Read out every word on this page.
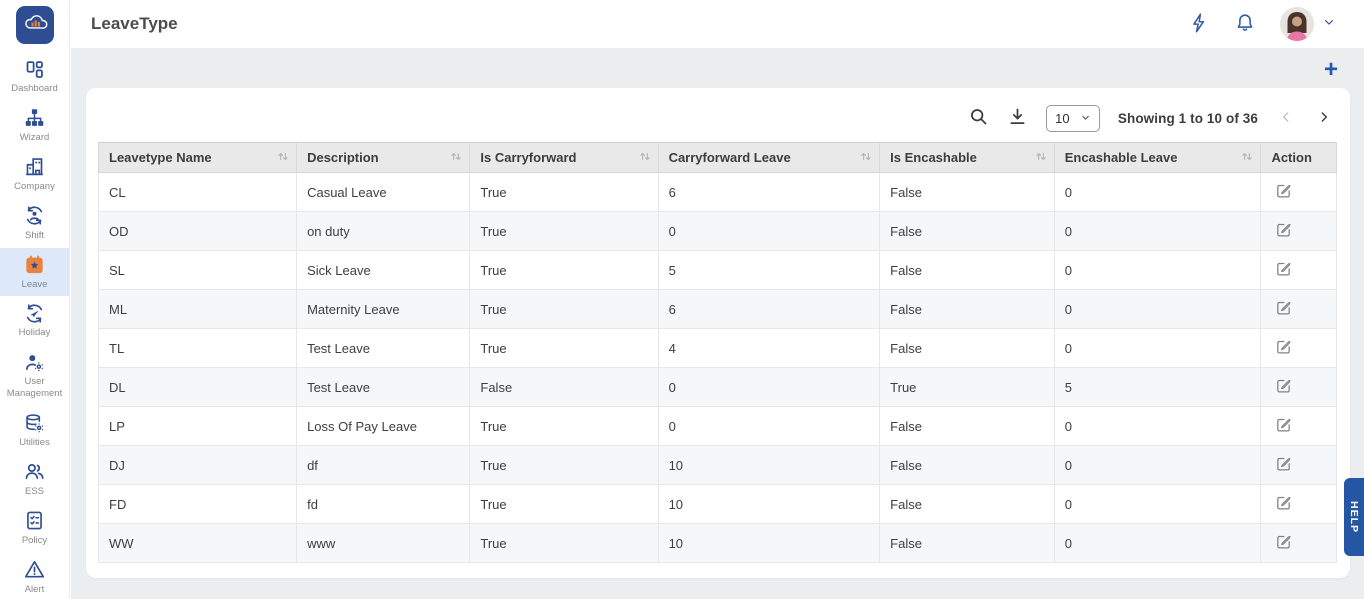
Dashboard
Wizard
Company
Shift
Leave
Holiday
User Management
Utilities
ESS
Policy
Alert
LeaveType
+
10	Showing 1 to 10 of 36
Leavetype Name	Description	Is Carryforward	Carryforward Leave	Is Encashable	Encashable Leave	Action
CL	Casual Leave	True	6	False	0	

OD	on duty	True	0	False	0	

SL	Sick Leave	True	5	False	0	

ML	Maternity Leave	True	6	False	0	

TL	Test Leave	True	4	False	0	

DL	Test Leave	False	0	True	5	

LP	Loss Of Pay Leave	True	0	False	0	

DJ	df	True	10	False	0	

FD	fd	True	10	False	0	

WW	www	True	10	False	0	
HELP
